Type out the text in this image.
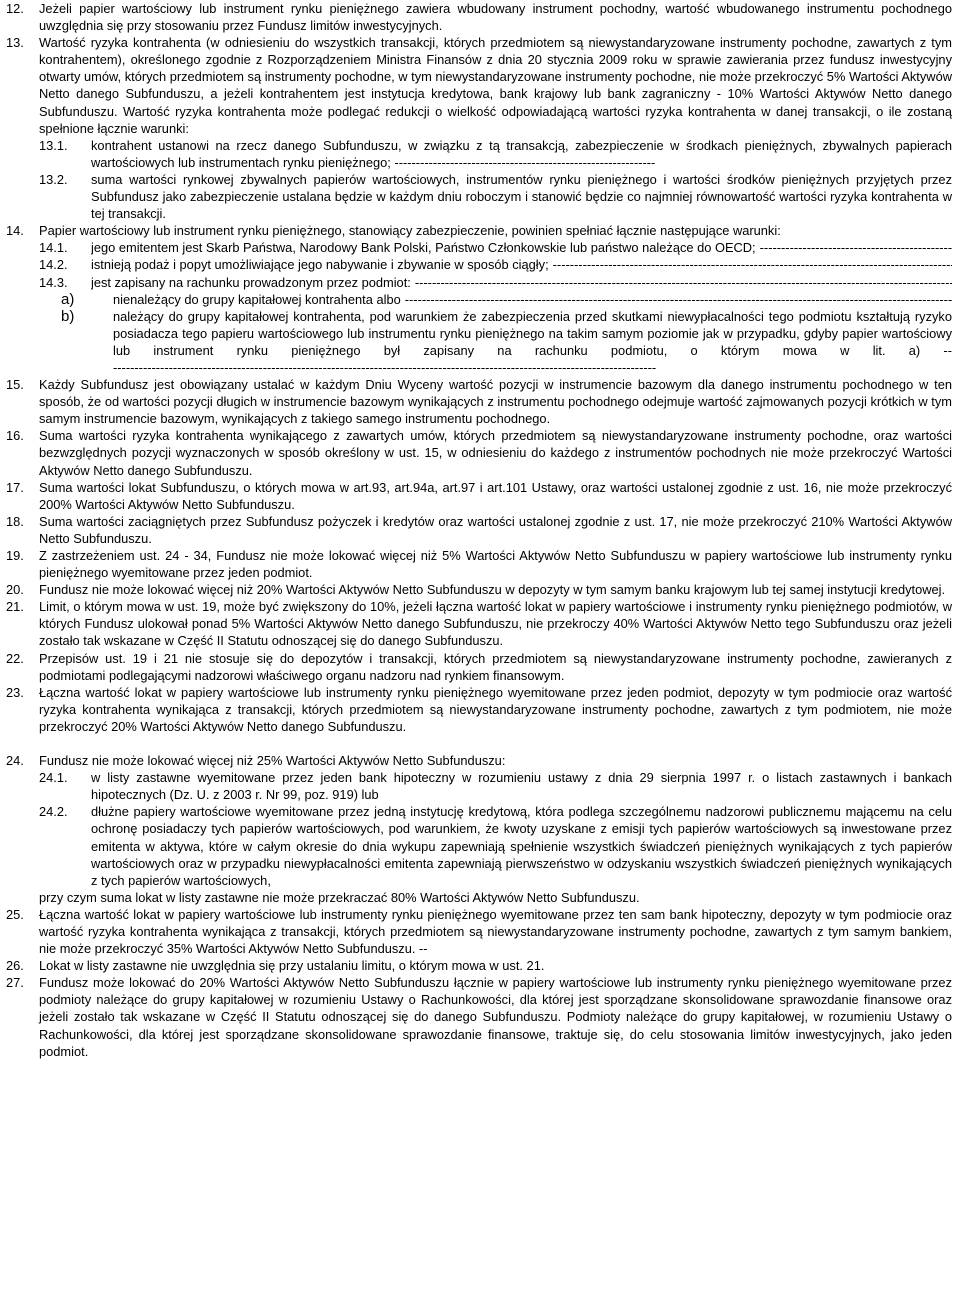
12.	Jeżeli papier wartościowy lub instrument rynku pieniężnego zawiera wbudowany instrument pochodny, wartość wbudowanego instrumentu pochodnego uwzględnia się przy stosowaniu przez Fundusz limitów inwestycyjnych.
13.	Wartość ryzyka kontrahenta (w odniesieniu do wszystkich transakcji, których przedmiotem są niewystandaryzowane instrumenty pochodne, zawartych z tym kontrahentem), określonego zgodnie z Rozporządzeniem Ministra Finansów z dnia 20 stycznia 2009 roku w sprawie zawierania przez fundusz inwestycyjny otwarty umów, których przedmiotem są instrumenty pochodne, w tym niewystandaryzowane instrumenty pochodne, nie może przekroczyć 5% Wartości Aktywów Netto danego Subfunduszu, a jeżeli kontrahentem jest instytucja kredytowa, bank krajowy lub bank zagraniczny - 10% Wartości Aktywów Netto danego Subfunduszu. Wartość ryzyka kontrahenta może podlegać redukcji o wielkość odpowiadającą wartości ryzyka kontrahenta w danej transakcji, o ile zostaną spełnione łącznie warunki:
13.1.	kontrahent ustanowi na rzecz danego Subfunduszu, w związku z tą transakcją, zabezpieczenie w środkach pieniężnych, zbywalnych papierach wartościowych lub instrumentach rynku pieniężnego; -------------------------------------------------------------
13.2.	suma wartości rynkowej zbywalnych papierów wartościowych, instrumentów rynku pieniężnego i wartości środków pieniężnych przyjętych przez Subfundusz jako zabezpieczenie ustalana będzie w każdym dniu roboczym i stanowić będzie co najmniej równowartość wartości ryzyka kontrahenta w tej transakcji.
14.	Papier wartościowy lub instrument rynku pieniężnego, stanowiący zabezpieczenie, powinien spełniać łącznie następujące warunki:
14.1.	jego emitentem jest Skarb Państwa, Narodowy Bank Polski, Państwo Członkowskie lub państwo należące do OECD;
-----
14.2.	istnieją podaż i popyt umożliwiające jego nabywanie i zbywanie w sposób ciągły;
-----
14.3.	jest zapisany na rachunku prowadzonym przez podmiot:
-----
a)	nienależący do grupy kapitałowej kontrahenta albo
-----
b)	należący do grupy kapitałowej kontrahenta, pod warunkiem że zabezpieczenia przed skutkami niewypłacalności tego podmiotu kształtują ryzyko posiadacza tego papieru wartościowego lub instrumentu rynku pieniężnego na takim samym poziomie jak w przypadku, gdyby papier wartościowy lub instrument rynku pieniężnego był zapisany na rachunku podmiotu, o którym mowa w lit. a) -- -------------------------------------------------------------------------------------------------------------------------------
15.	Każdy Subfundusz jest obowiązany ustalać w każdym Dniu Wyceny wartość pozycji w instrumencie bazowym dla danego instrumentu pochodnego w ten sposób, że od wartości pozycji długich w instrumencie bazowym wynikających z instrumentu pochodnego odejmuje wartość zajmowanych pozycji krótkich w tym samym instrumencie bazowym, wynikających z takiego samego instrumentu pochodnego.
16.	Suma wartości ryzyka kontrahenta wynikającego z zawartych umów, których przedmiotem są niewystandaryzowane instrumenty pochodne, oraz wartości bezwzględnych pozycji wyznaczonych w sposób określony w ust. 15, w odniesieniu do każdego z instrumentów pochodnych nie może przekroczyć Wartości Aktywów Netto danego Subfunduszu.
17.	Suma wartości lokat Subfunduszu, o których mowa w art.93, art.94a, art.97 i art.101 Ustawy, oraz wartości ustalonej zgodnie z ust. 16, nie może przekroczyć 200% Wartości Aktywów Netto Subfunduszu.
18.	Suma wartości zaciągniętych przez Subfundusz pożyczek i kredytów oraz wartości ustalonej zgodnie z ust. 17, nie może przekroczyć 210% Wartości Aktywów Netto Subfunduszu.
19.	Z zastrzeżeniem ust. 24 - 34, Fundusz nie może lokować więcej niż 5% Wartości Aktywów Netto Subfunduszu w papiery wartościowe lub instrumenty rynku pieniężnego wyemitowane przez jeden podmiot.
20.	Fundusz nie może lokować więcej niż 20% Wartości Aktywów Netto Subfunduszu w depozyty w tym samym banku krajowym lub tej samej instytucji kredytowej.
21.	Limit, o którym mowa w ust. 19, może być zwiększony do 10%, jeżeli łączna wartość lokat w papiery wartościowe i instrumenty rynku pieniężnego podmiotów, w których Fundusz ulokował ponad 5% Wartości Aktywów Netto danego Subfunduszu, nie przekroczy 40% Wartości Aktywów Netto tego Subfunduszu oraz jeżeli zostało tak wskazane w Część II Statutu odnoszącej się do danego Subfunduszu.
22.	Przepisów ust. 19 i 21 nie stosuje się do depozytów i transakcji, których przedmiotem są niewystandaryzowane instrumenty pochodne, zawieranych z podmiotami podlegającymi nadzorowi właściwego organu nadzoru nad rynkiem finansowym.
23.	Łączna wartość lokat w papiery wartościowe lub instrumenty rynku pieniężnego wyemitowane przez jeden podmiot, depozyty w tym podmiocie oraz wartość ryzyka kontrahenta wynikająca z transakcji, których przedmiotem są niewystandaryzowane instrumenty pochodne, zawartych z tym podmiotem, nie może przekroczyć 20% Wartości Aktywów Netto danego Subfunduszu.
24.	Fundusz nie może lokować więcej niż 25% Wartości Aktywów Netto Subfunduszu:
24.1.	w listy zastawne wyemitowane przez jeden bank hipoteczny w rozumieniu ustawy z dnia 29 sierpnia 1997 r. o listach zastawnych i bankach hipotecznych (Dz. U. z 2003 r. Nr 99, poz. 919) lub
24.2.	dłużne papiery wartościowe wyemitowane przez jedną instytucję kredytową, która podlega szczególnemu nadzorowi publicznemu mającemu na celu ochronę posiadaczy tych papierów wartościowych, pod warunkiem, że kwoty uzyskane z emisji tych papierów wartościowych są inwestowane przez emitenta w aktywa, które w całym okresie do dnia wykupu zapewniają spełnienie wszystkich świadczeń pieniężnych wynikających z tych papierów wartościowych oraz w przypadku niewypłacalności emitenta zapewniają pierwszeństwo w odzyskaniu wszystkich świadczeń pieniężnych wynikających z tych papierów wartościowych,
przy czym suma lokat w listy zastawne nie może przekraczać 80% Wartości Aktywów Netto Subfunduszu.
25.	Łączna wartość lokat w papiery wartościowe lub instrumenty rynku pieniężnego wyemitowane przez ten sam bank hipoteczny, depozyty w tym podmiocie oraz wartość ryzyka kontrahenta wynikająca z transakcji, których przedmiotem są niewystandaryzowane instrumenty pochodne, zawartych z tym samym bankiem, nie może przekroczyć 35% Wartości Aktywów Netto Subfunduszu. --
26.	Lokat w listy zastawne nie uwzględnia się przy ustalaniu limitu, o którym mowa w ust. 21.
27.	Fundusz może lokować do 20% Wartości Aktywów Netto Subfunduszu łącznie w papiery wartościowe lub instrumenty rynku pieniężnego wyemitowane przez podmioty należące do grupy kapitałowej w rozumieniu Ustawy o Rachunkowości, dla której jest sporządzane skonsolidowane sprawozdanie finansowe oraz jeżeli zostało tak wskazane w Część II Statutu odnoszącej się do danego Subfunduszu. Podmioty należące do grupy kapitałowej, w rozumieniu Ustawy o Rachunkowości, dla której jest sporządzane skonsolidowane sprawozdanie finansowe, traktuje się, do celu stosowania limitów inwestycyjnych, jako jeden podmiot.
